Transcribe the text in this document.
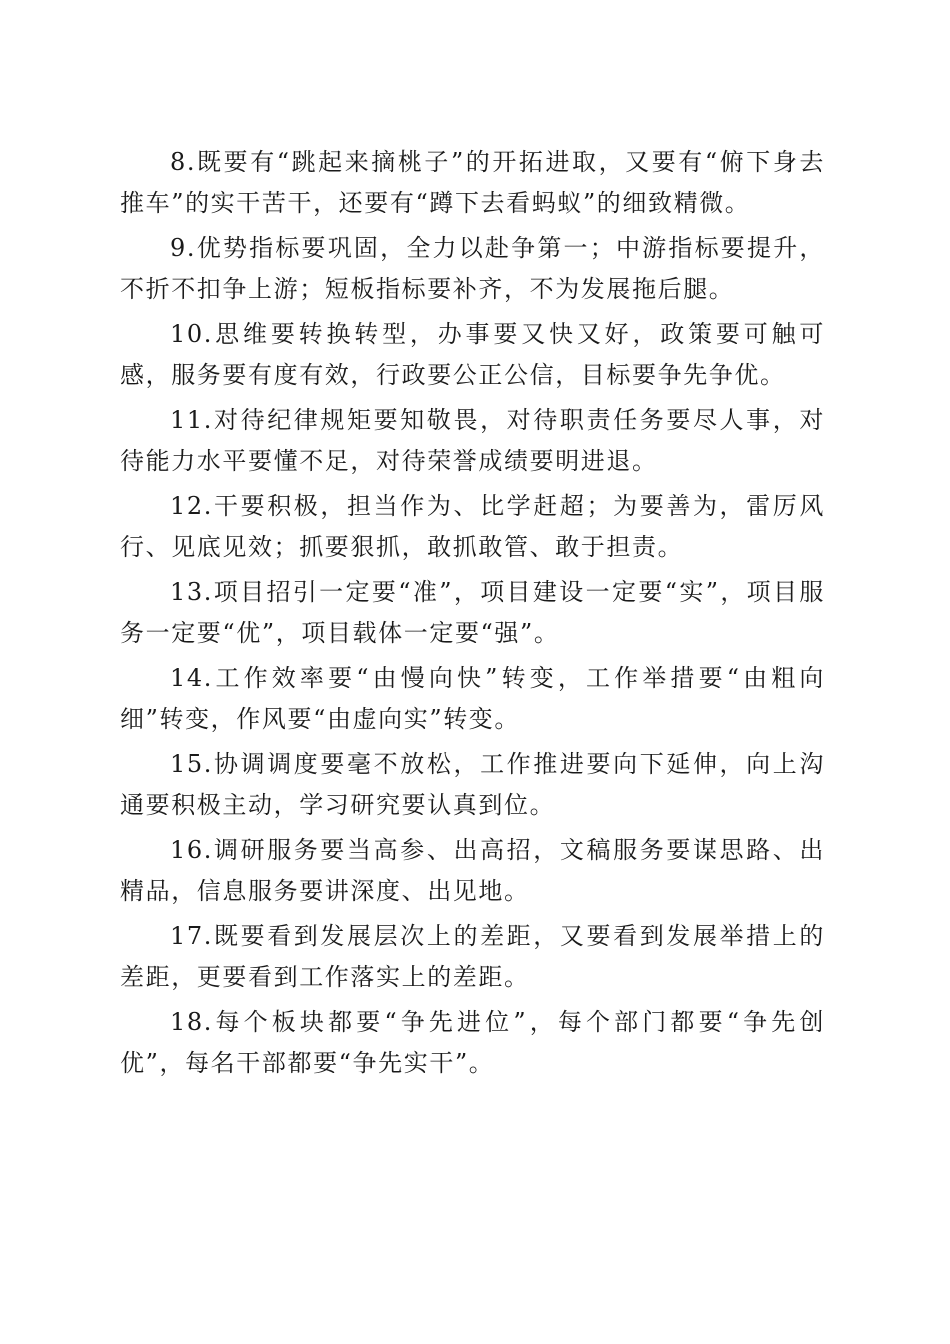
8.既要有“跳起来摘桃子”的开拓进取，又要有“俯下身去推车”的实干苦干，还要有“蹲下去看蚂蚁”的细致精微。

9.优势指标要巩固，全力以赴争第一；中游指标要提升，不折不扣争上游；短板指标要补齐，不为发展拖后腿。

10.思维要转换转型，办事要又快又好，政策要可触可感，服务要有度有效，行政要公正公信，目标要争先争优。

11.对待纪律规矩要知敬畏，对待职责任务要尽人事，对待能力水平要懂不足，对待荣誉成绩要明进退。

12.干要积极，担当作为、比学赶超；为要善为，雷厉风行、见底见效；抓要狠抓，敢抓敢管、敢于担责。

13.项目招引一定要“准”，项目建设一定要“实”，项目服务一定要“优”，项目载体一定要“强”。

14.工作效率要“由慢向快”转变，工作举措要“由粗向细”转变，作风要“由虚向实”转变。

15.协调调度要毫不放松，工作推进要向下延伸，向上沟通要积极主动，学习研究要认真到位。

16.调研服务要当高参、出高招，文稿服务要谋思路、出精品，信息服务要讲深度、出见地。

17.既要看到发展层次上的差距，又要看到发展举措上的差距，更要看到工作落实上的差距。

18.每个板块都要“争先进位”，每个部门都要“争先创优”，每名干部都要“争先实干”。
